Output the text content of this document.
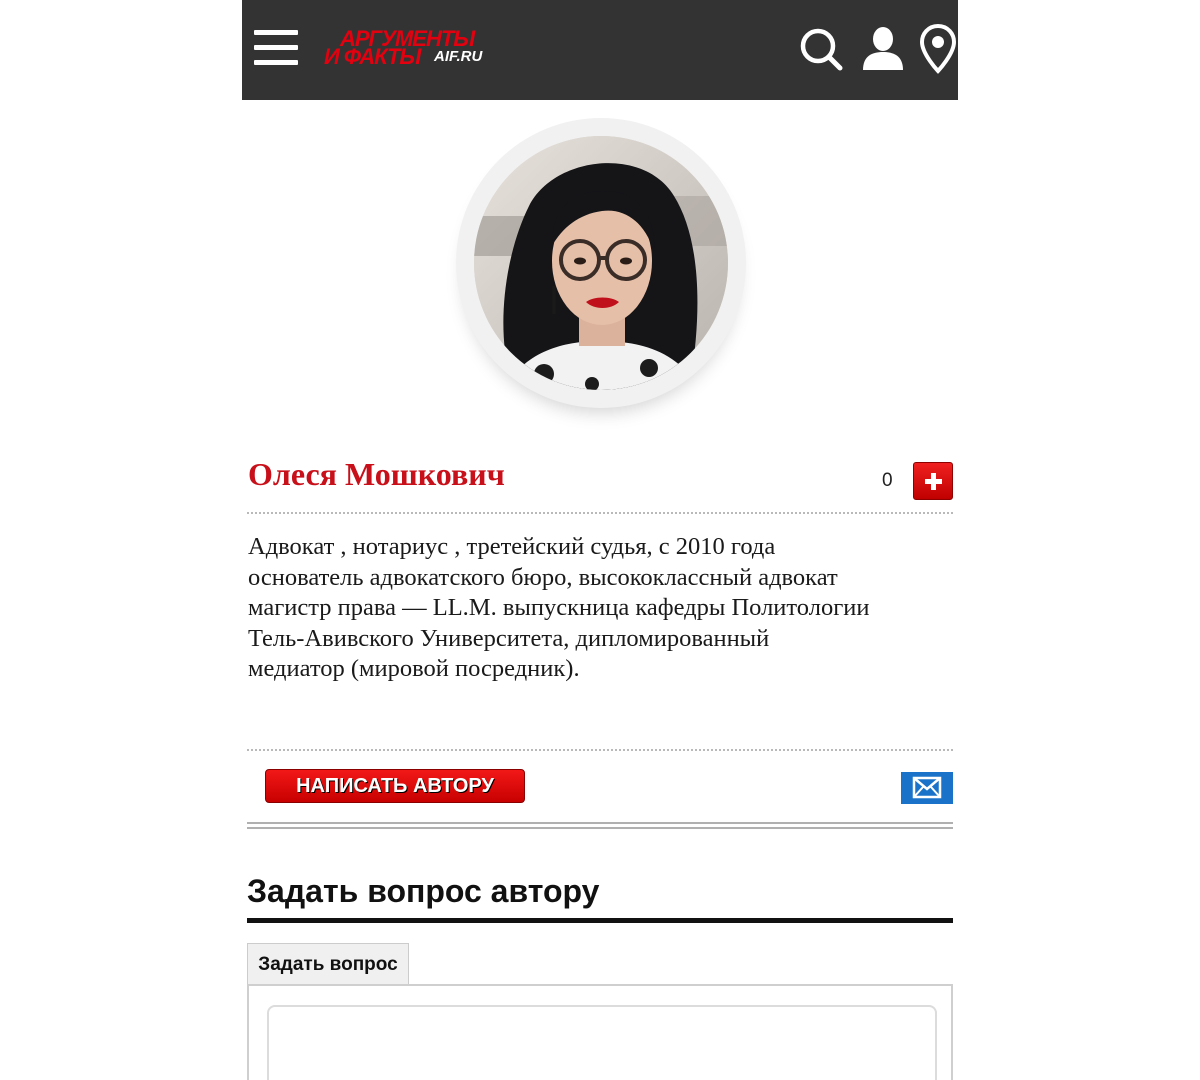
АРГУМЕНТЫ
И ФАКТЫ AIF.RU
Олеся Мошкович	0
Адвокат , нотариус , третейский судья, с 2010 года
основатель адвокатского бюро, высококлассный адвокат
магистр права — LL.M. выпускница кафедры Политологии
Тель-Авивского Университета, дипломированный
медиатор (мировой посредник).
НАПИСАТЬ АВТОРУ
Задать вопрос автору
Задать вопрос
